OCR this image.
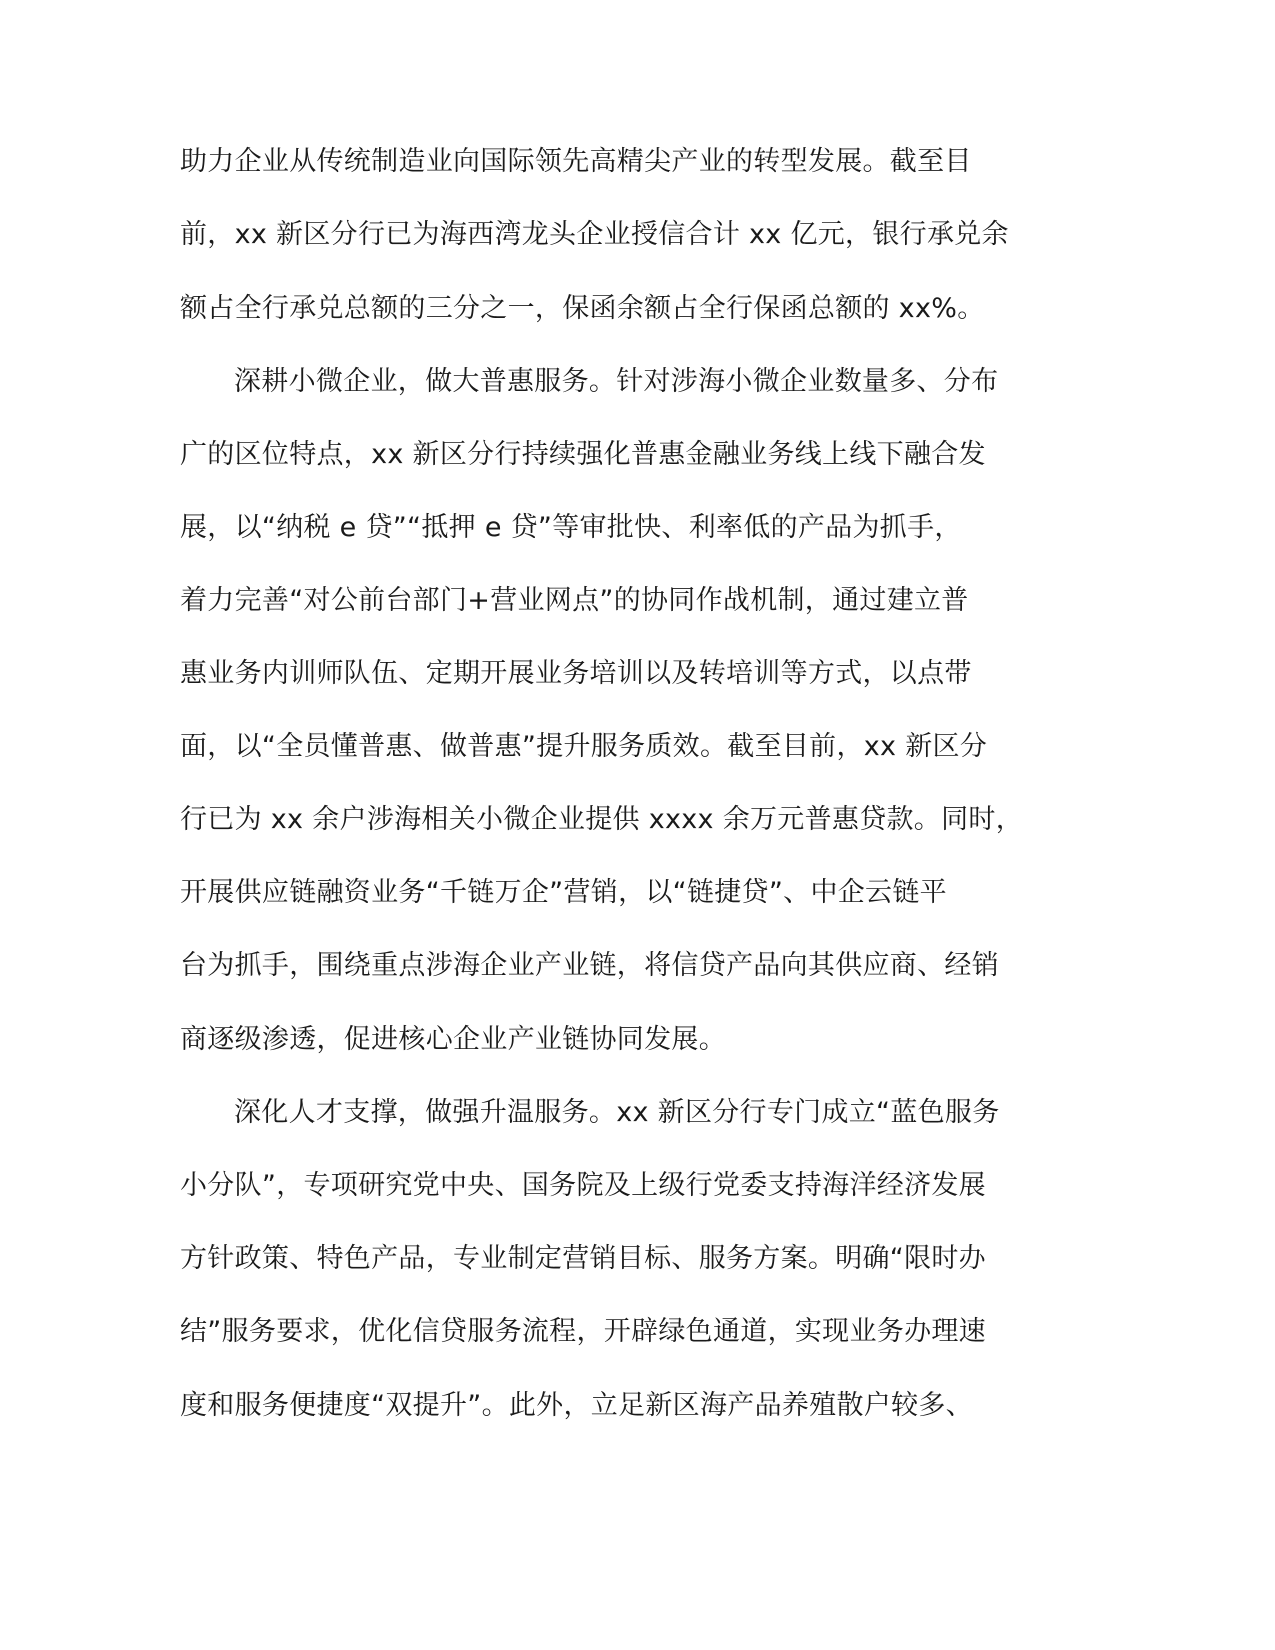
助力企业从传统制造业向国际领先高精尖产业的转型发展。截至目
前，xx 新区分行已为海西湾龙头企业授信合计 xx 亿元，银行承兑余
额占全行承兑总额的三分之一，保函余额占全行保函总额的 xx%。
深耕小微企业，做大普惠服务。针对涉海小微企业数量多、分布
广的区位特点，xx 新区分行持续强化普惠金融业务线上线下融合发
展，以“纳税 e 贷”“抵押 e 贷”等审批快、利率低的产品为抓手，
着力完善“对公前台部门+营业网点”的协同作战机制，通过建立普
惠业务内训师队伍、定期开展业务培训以及转培训等方式，以点带
面，以“全员懂普惠、做普惠”提升服务质效。截至目前，xx 新区分
行已为 xx 余户涉海相关小微企业提供 xxxx 余万元普惠贷款。同时，
开展供应链融资业务“千链万企”营销，以“链捷贷”、中企云链平
台为抓手，围绕重点涉海企业产业链，将信贷产品向其供应商、经销
商逐级渗透，促进核心企业产业链协同发展。
深化人才支撑，做强升温服务。xx 新区分行专门成立“蓝色服务
小分队”，专项研究党中央、国务院及上级行党委支持海洋经济发展
方针政策、特色产品，专业制定营销目标、服务方案。明确“限时办
结”服务要求，优化信贷服务流程，开辟绿色通道，实现业务办理速
度和服务便捷度“双提升”。此外，立足新区海产品养殖散户较多、
